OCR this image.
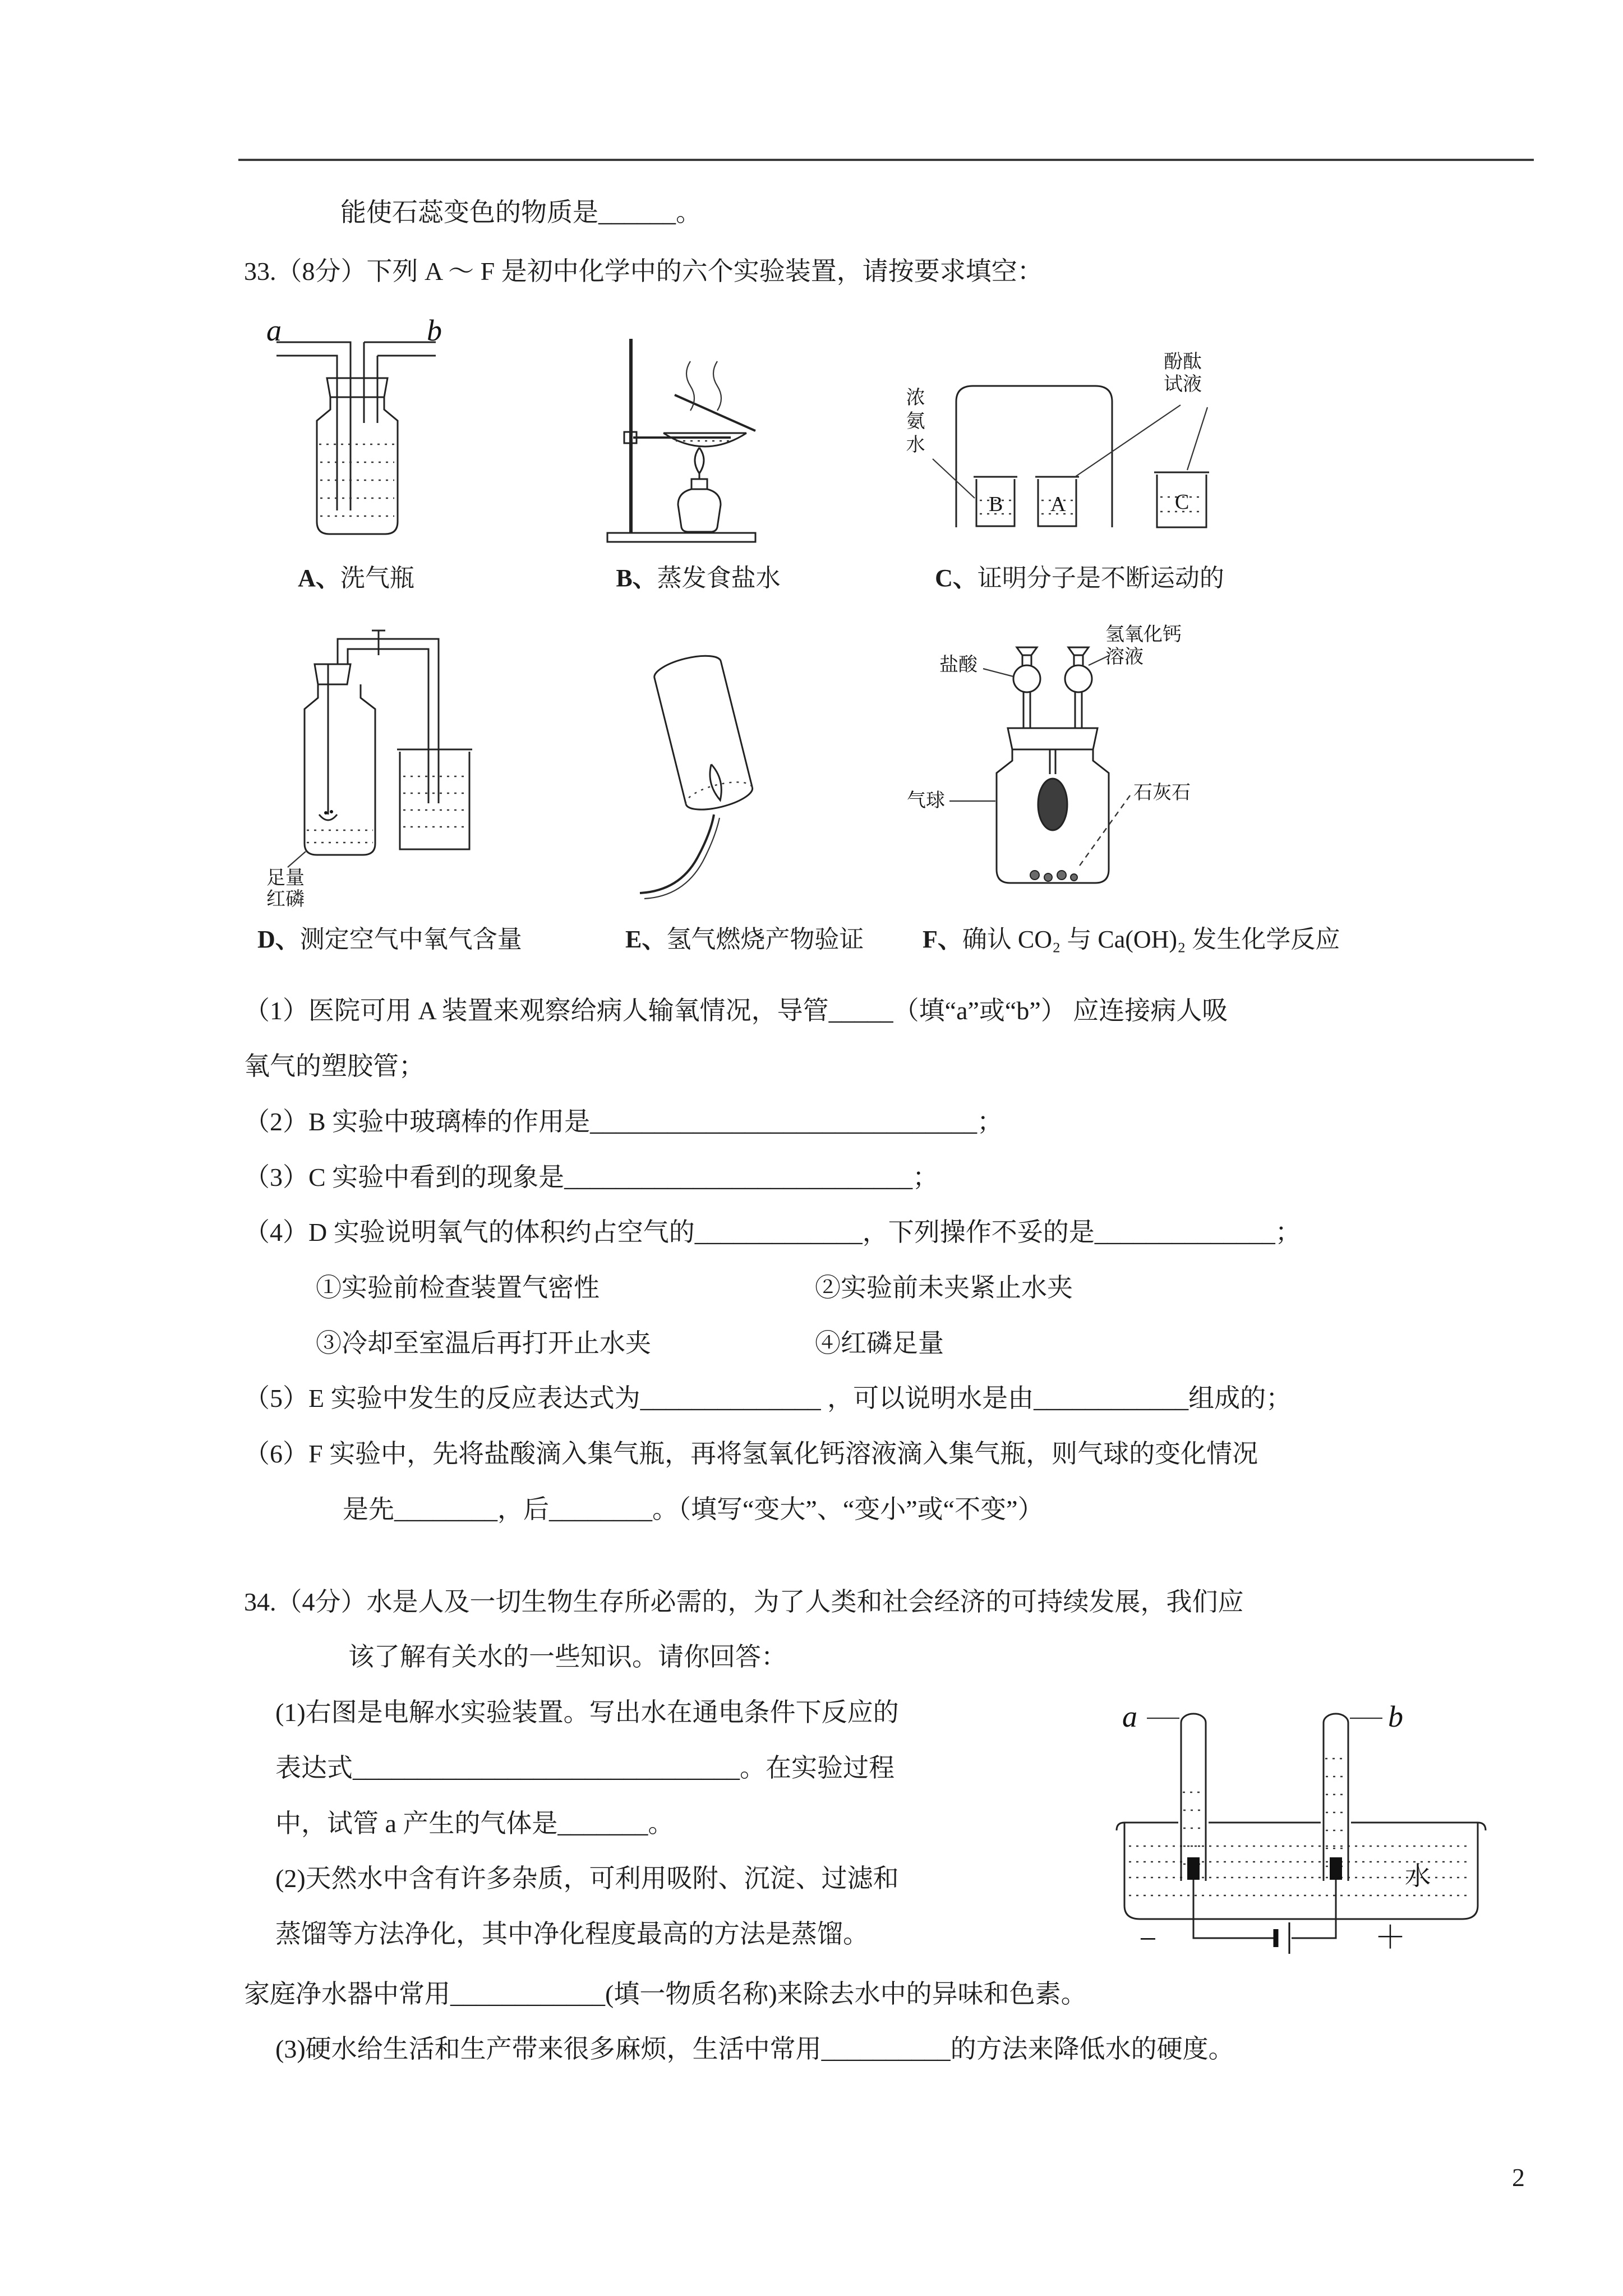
能使石蕊变色的物质是______。
33.（8分）下列 A ～ F 是初中化学中的六个实验装置，请按要求填空：
a	b
A、洗气瓶	B、蒸发食盐水
浓氨水
酚酞
试液
B A	C
C、证明分子是不断运动的
足量
红磷
D、测定空气中氧气含量	E、氢气燃烧产物验证
盐酸
氢氧化钙
溶液
气球	石灰石
F、确认 CO₂ 与 Ca(OH)₂ 发生化学反应
（1）医院可用 A 装置来观察给病人输氧情况，导管_____（填“a”或“b”） 应连接病人吸
氧气的塑胶管；
（2）B 实验中玻璃棒的作用是______________________________；
（3）C 实验中看到的现象是___________________________；
（4）D 实验说明氧气的体积约占空气的_____________，下列操作不妥的是______________；
①实验前检查装置气密性	②实验前未夹紧止水夹
③冷却至室温后再打开止水夹	④红磷足量
（5）E 实验中发生的反应表达式为______________ ，可以说明水是由____________组成的；
（6）F 实验中，先将盐酸滴入集气瓶，再将氢氧化钙溶液滴入集气瓶，则气球的变化情况
是先________，后________。（填写“变大”、“变小”或“不变”）
34.（4分）水是人及一切生物生存所必需的，为了人类和社会经济的可持续发展，我们应
该了解有关水的一些知识。请你回答：
(1)右图是电解水实验装置。写出水在通电条件下反应的
表达式______________________________。在实验过程
中，试管 a 产生的气体是_______。
(2)天然水中含有许多杂质，可利用吸附、沉淀、过滤和
蒸馏等方法净化，其中净化程度最高的方法是蒸馏。
a	b
水
−	＋
家庭净水器中常用____________(填一物质名称)来除去水中的异味和色素。
(3)硬水给生活和生产带来很多麻烦，生活中常用__________的方法来降低水的硬度。
2
